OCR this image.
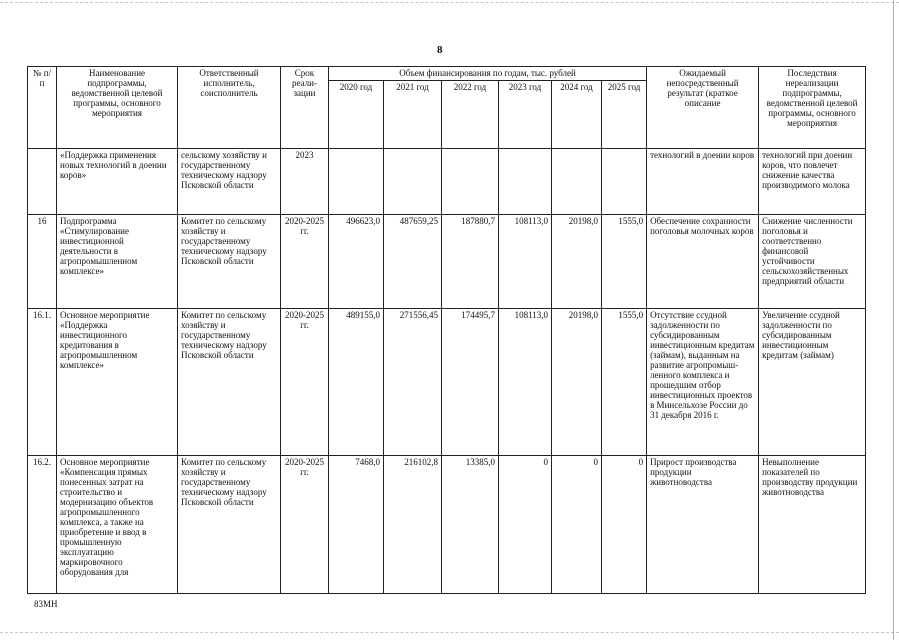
8
№ п/п	Наименование подпрограммы, ведомственной целевой программы, основного мероприятия	Ответственный исполнитель, соисполнитель	Срок реали-зации	Объем финансирования по годам, тыс. рублей						Ожидаемый непосредственный результат (краткое описание	Последствия нереализации подпрограммы, ведомственной целевой программы, основного мероприятия
				2020 год	2021 год	2022 год	2023 год	2024 год	2025 год		
	«Поддержка применения новых технологий в доении коров»	сельскому хозяйству и государственному техническому надзору Псковской области	2023							технологий в доении коров	технологий при доении коров, что повлечет снижение качества производимого молока
16	Подпрограмма «Стимулирование инвестиционной деятельности в агропромышленном комплексе»	Комитет по сельскому хозяйству и государственному техническому надзору Псковской области	2020-2025 гг.	496623,0	487659,25	187880,7	108113,0	20198,0	1555,0	Обеспечение сохранности поголовья молочных коров	Снижение численности поголовья и соответственно финансовой устойчивости сельскохозяйственных предприятий области
16.1.	Основное мероприятие «Поддержка инвестиционного кредитования в агропромышленном комплексе»	Комитет по сельскому хозяйству и государственному техническому надзору Псковской области	2020-2025 гг.	489155,0	271556,45	174495,7	108113,0	20198,0	1555,0	Отсутствие ссудной задолженности по субсидированным инвестиционным кредитам (займам), выданным на развитие агропромыш-ленного комплекса и прошедшим отбор инвестиционных проектов в Минсельхозе России до 31 декабря 2016 г.	Увеличение ссудной задолженности по субсидированным инвестиционным кредитам (займам)
16.2.	Основное мероприятие «Компенсация прямых понесенных затрат на строительство и модернизацию объектов агропромышленного комплекса, а также на приобретение и ввод в промышленную эксплуатацию маркировочного оборудования для	Комитет по сельскому хозяйству и государственному техническому надзору Псковской области	2020-2025 гг.	7468,0	216102,8	13385,0	0	0	0	Прирост производства продукции животноводства	Невыполнение показателей по производству продукции животноводства
83МН
